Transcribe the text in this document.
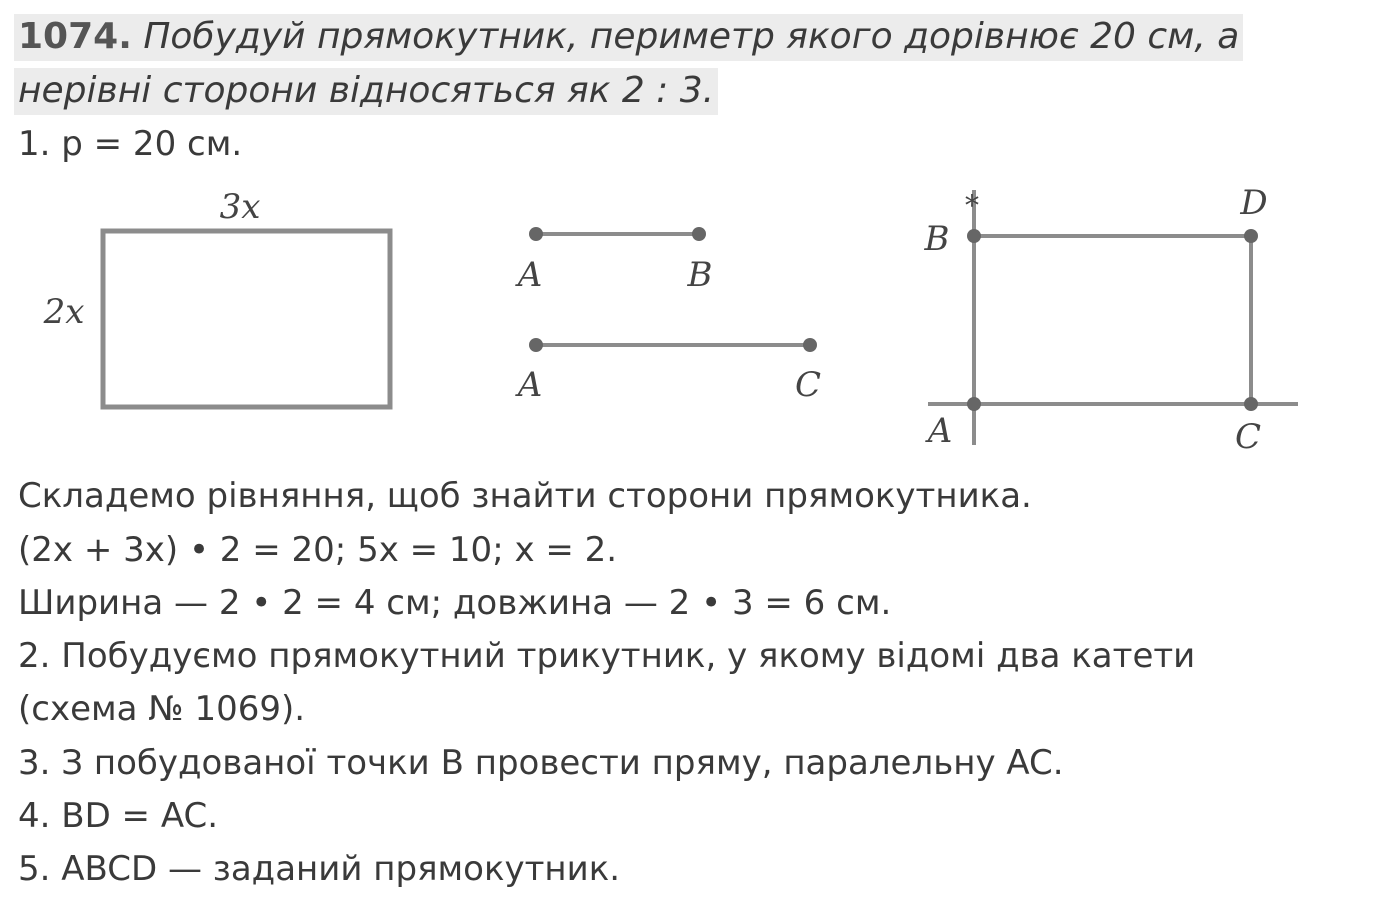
1074. Побудуй прямокутник, периметр якого дорівнює 20 см, а нерівні сторони відносяться як 2 : 3.
1. р = 20 см.
3x
2x
A	B
A	C
*
B
D
A	C
Складемо рівняння, щоб знайти сторони прямокутника.
(2x + 3x) • 2 = 20; 5x = 10; x = 2.
Ширина — 2 • 2 = 4 см; довжина — 2 • 3 = 6 см.
2. Побудуємо прямокутний трикутник, у якому відомі два катети
(схема № 1069).
3. З побудованої точки B провести пряму, паралельну AC.
4. BD = AC.
5. ABCD — заданий прямокутник.
